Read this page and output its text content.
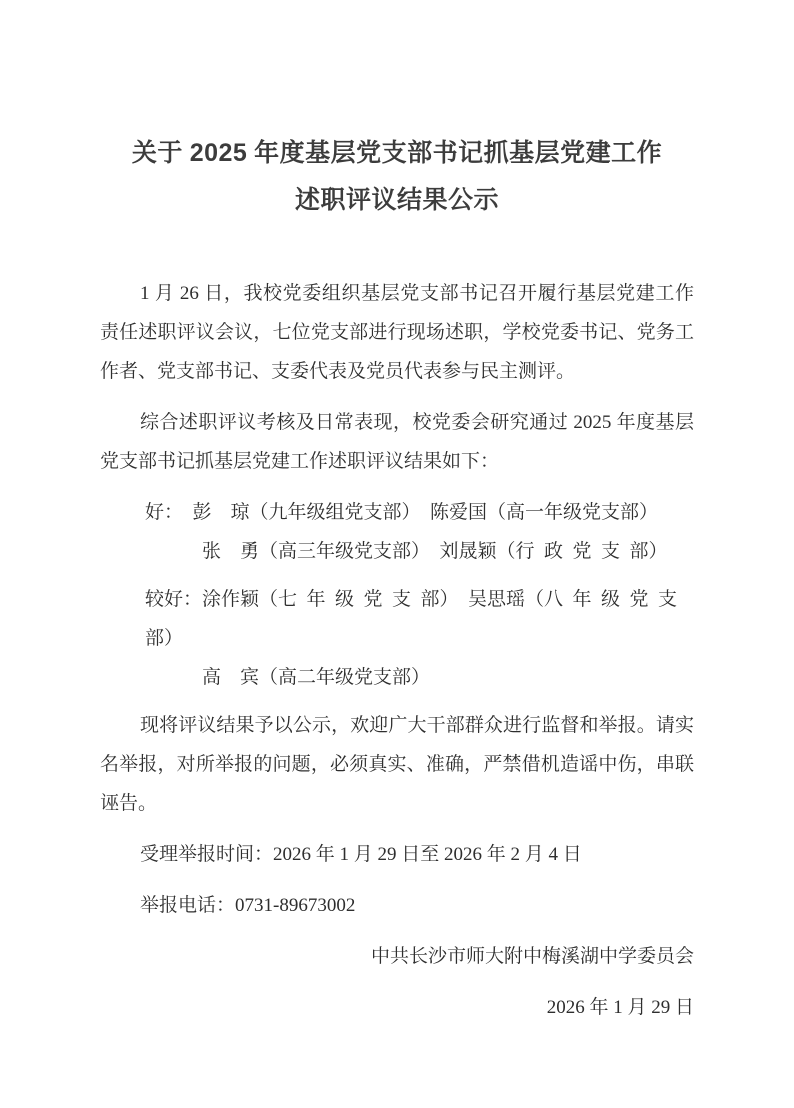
关于 2025 年度基层党支部书记抓基层党建工作
述职评议结果公示

1 月 26 日，我校党委组织基层党支部书记召开履行基层党建工作责任述职评议会议，七位党支部进行现场述职，学校党委书记、党务工作者、党支部书记、支委代表及党员代表参与民主测评。

综合述职评议考核及日常表现，校党委会研究通过 2025 年度基层党支部书记抓基层党建工作述职评议结果如下：

好：　彭　琼（九年级组党支部）　陈爱国（高一年级党支部）

张　勇（高三年级党支部）　刘晟颖（行 政 党 支 部）

较好：涂作颖（七 年 级 党 支 部）　吴思瑶（八 年 级 党 支 部）

高　宾（高二年级党支部）

现将评议结果予以公示，欢迎广大干部群众进行监督和举报。请实名举报，对所举报的问题，必须真实、准确，严禁借机造谣中伤，串联诬告。

受理举报时间：2026 年 1 月 29 日至 2026 年 2 月 4 日

举报电话：0731-89673002

中共长沙市师大附中梅溪湖中学委员会

2026 年 1 月 29 日
